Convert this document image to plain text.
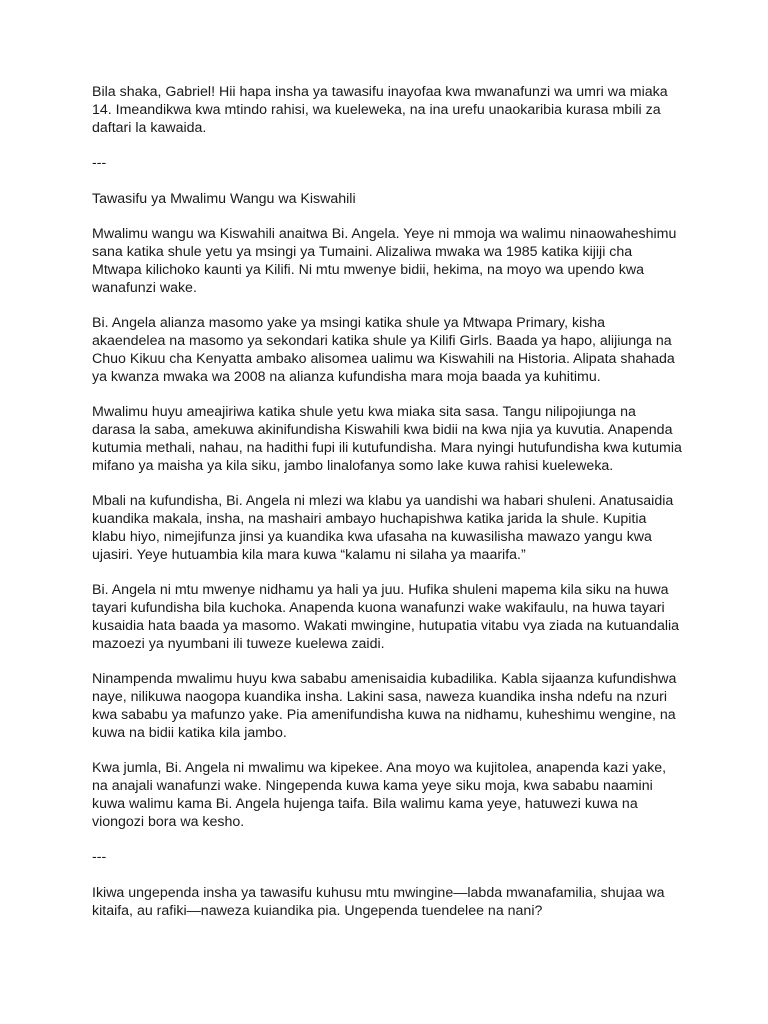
Bila shaka, Gabriel! Hii hapa insha ya tawasifu inayofaa kwa mwanafunzi wa umri wa miaka 14. Imeandikwa kwa mtindo rahisi, wa kueleweka, na ina urefu unaokaribia kurasa mbili za daftari la kawaida.

---

Tawasifu ya Mwalimu Wangu wa Kiswahili

Mwalimu wangu wa Kiswahili anaitwa Bi. Angela. Yeye ni mmoja wa walimu ninaowaheshimu sana katika shule yetu ya msingi ya Tumaini. Alizaliwa mwaka wa 1985 katika kijiji cha Mtwapa kilichoko kaunti ya Kilifi. Ni mtu mwenye bidii, hekima, na moyo wa upendo kwa wanafunzi wake.

Bi. Angela alianza masomo yake ya msingi katika shule ya Mtwapa Primary, kisha akaendelea na masomo ya sekondari katika shule ya Kilifi Girls. Baada ya hapo, alijiunga na Chuo Kikuu cha Kenyatta ambako alisomea ualimu wa Kiswahili na Historia. Alipata shahada ya kwanza mwaka wa 2008 na alianza kufundisha mara moja baada ya kuhitimu.

Mwalimu huyu ameajiriwa katika shule yetu kwa miaka sita sasa. Tangu nilipojiunga na darasa la saba, amekuwa akinifundisha Kiswahili kwa bidii na kwa njia ya kuvutia. Anapenda kutumia methali, nahau, na hadithi fupi ili kutufundisha. Mara nyingi hutufundisha kwa kutumia mifano ya maisha ya kila siku, jambo linalofanya somo lake kuwa rahisi kueleweka.

Mbali na kufundisha, Bi. Angela ni mlezi wa klabu ya uandishi wa habari shuleni. Anatusaidia kuandika makala, insha, na mashairi ambayo huchapishwa katika jarida la shule. Kupitia klabu hiyo, nimejifunza jinsi ya kuandika kwa ufasaha na kuwasilisha mawazo yangu kwa ujasiri. Yeye hutuambia kila mara kuwa “kalamu ni silaha ya maarifa.”

Bi. Angela ni mtu mwenye nidhamu ya hali ya juu. Hufika shuleni mapema kila siku na huwa tayari kufundisha bila kuchoka. Anapenda kuona wanafunzi wake wakifaulu, na huwa tayari kusaidia hata baada ya masomo. Wakati mwingine, hutupatia vitabu vya ziada na kutuandalia mazoezi ya nyumbani ili tuweze kuelewa zaidi.

Ninampenda mwalimu huyu kwa sababu amenisaidia kubadilika. Kabla sijaanza kufundishwa naye, nilikuwa naogopa kuandika insha. Lakini sasa, naweza kuandika insha ndefu na nzuri kwa sababu ya mafunzo yake. Pia amenifundisha kuwa na nidhamu, kuheshimu wengine, na kuwa na bidii katika kila jambo.

Kwa jumla, Bi. Angela ni mwalimu wa kipekee. Ana moyo wa kujitolea, anapenda kazi yake, na anajali wanafunzi wake. Ningependa kuwa kama yeye siku moja, kwa sababu naamini kuwa walimu kama Bi. Angela hujenga taifa. Bila walimu kama yeye, hatuwezi kuwa na viongozi bora wa kesho.

---

Ikiwa ungependa insha ya tawasifu kuhusu mtu mwingine—labda mwanafamilia, shujaa wa kitaifa, au rafiki—naweza kuiandika pia. Ungependa tuendelee na nani?
